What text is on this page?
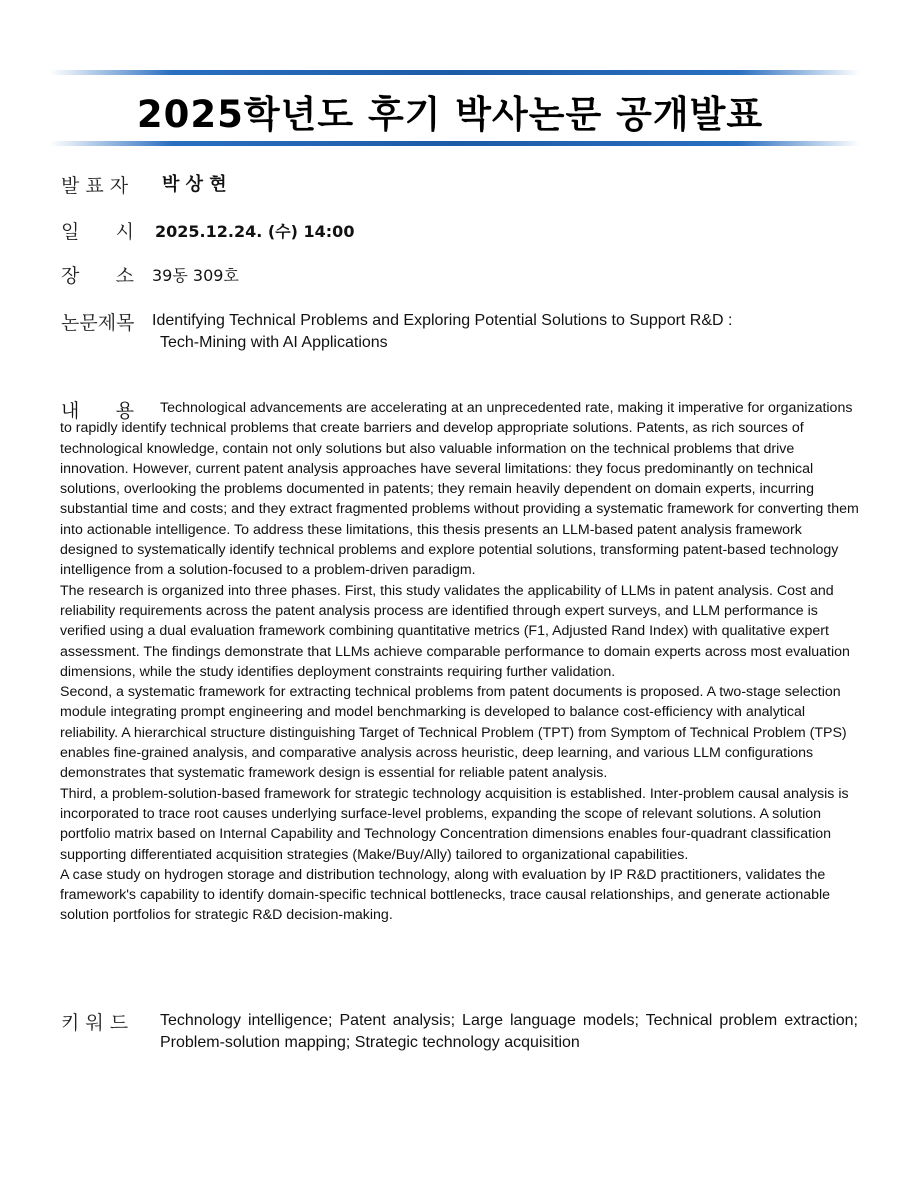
2025학년도 후기 박사논문 공개발표
발 표 자 박 상 현
일      시 2025.12.24. (수) 14:00
장      소 39동 309호
논문제목 Identifying Technical Problems and Exploring Potential Solutions to Support R&D :
Tech-Mining with AI Applications
내      용	Technological advancements are accelerating at an unprecedented rate, making it imperative for organizations to rapidly identify technical problems that create barriers and develop appropriate solutions. Patents, as rich sources of technological knowledge, contain not only solutions but also valuable information on the technical problems that drive innovation. However, current patent analysis approaches have several limitations: they focus predominantly on technical solutions, overlooking the problems documented in patents; they remain heavily dependent on domain experts, incurring substantial time and costs; and they extract fragmented problems without providing a systematic framework for converting them into actionable intelligence. To address these limitations, this thesis presents an LLM-based patent analysis framework designed to systematically identify technical problems and explore potential solutions, transforming patent-based technology intelligence from a solution-focused to a problem-driven paradigm.

The research is organized into three phases. First, this study validates the applicability of LLMs in patent analysis. Cost and reliability requirements across the patent analysis process are identified through expert surveys, and LLM performance is verified using a dual evaluation framework combining quantitative metrics (F1, Adjusted Rand Index) with qualitative expert assessment. The findings demonstrate that LLMs achieve comparable performance to domain experts across most evaluation dimensions, while the study identifies deployment constraints requiring further validation.

Second, a systematic framework for extracting technical problems from patent documents is proposed. A two-stage selection module integrating prompt engineering and model benchmarking is developed to balance cost-efficiency with analytical reliability. A hierarchical structure distinguishing Target of Technical Problem (TPT) from Symptom of Technical Problem (TPS) enables fine-grained analysis, and comparative analysis across heuristic, deep learning, and various LLM configurations demonstrates that systematic framework design is essential for reliable patent analysis.

Third, a problem-solution-based framework for strategic technology acquisition is established. Inter-problem causal analysis is incorporated to trace root causes underlying surface-level problems, expanding the scope of relevant solutions. A solution portfolio matrix based on Internal Capability and Technology Concentration dimensions enables four-quadrant classification supporting differentiated acquisition strategies (Make/Buy/Ally) tailored to organizational capabilities.

A case study on hydrogen storage and distribution technology, along with evaluation by IP R&D practitioners, validates the framework's capability to identify domain-specific technical bottlenecks, trace causal relationships, and generate actionable solution portfolios for strategic R&D decision-making.

키 워 드 Technology intelligence; Patent analysis; Large language models; Technical problem extraction; Problem-solution mapping; Strategic technology acquisition
